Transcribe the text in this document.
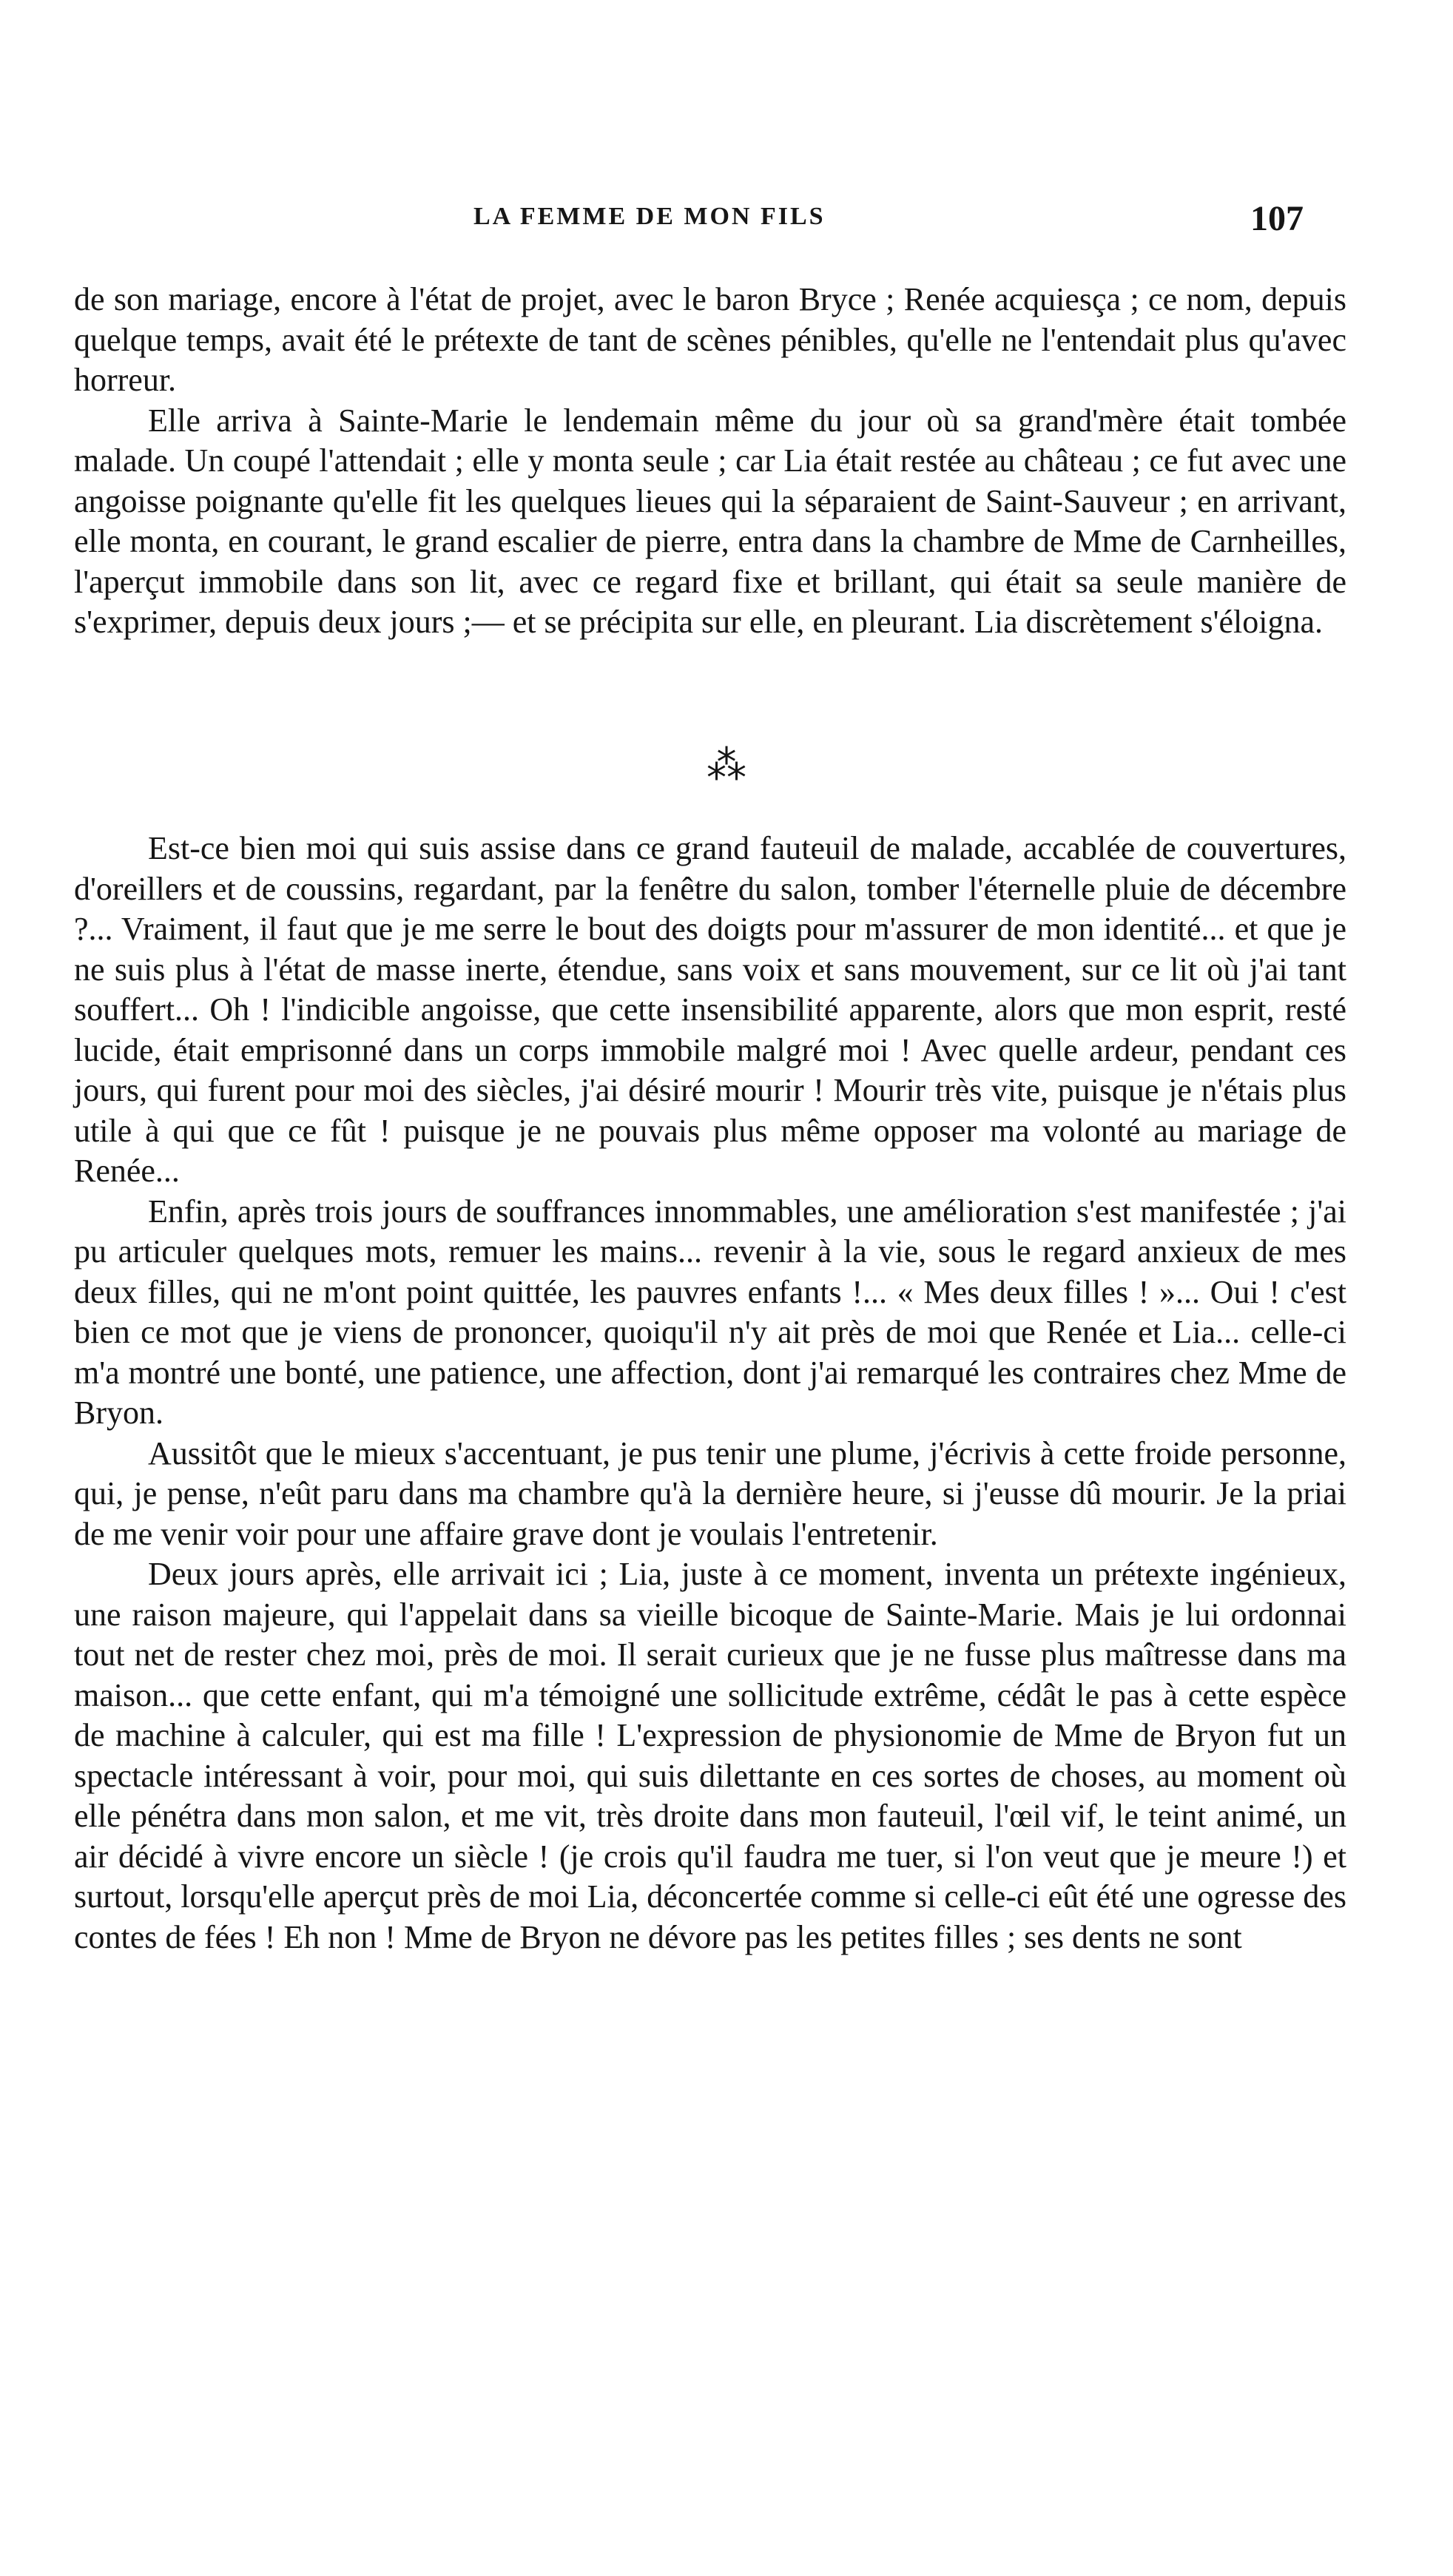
LA FEMME DE MON FILS	107

de son mariage, encore à l'état de projet, avec le baron Bryce ; Renée acquiesça ; ce nom, depuis quelque temps, avait été le prétexte de tant de scènes pénibles, qu'elle ne l'entendait plus qu'avec horreur.

Elle arriva à Sainte-Marie le lendemain même du jour où sa grand'mère était tombée malade. Un coupé l'attendait ; elle y monta seule ; car Lia était restée au château ; ce fut avec une angoisse poignante qu'elle fit les quelques lieues qui la séparaient de Saint-Sauveur ; en arrivant, elle monta, en courant, le grand escalier de pierre, entra dans la chambre de Mme de Carnheilles, l'aperçut immobile dans son lit, avec ce regard fixe et brillant, qui était sa seule manière de s'exprimer, depuis deux jours ;— et se précipita sur elle, en pleurant. Lia discrètement s'éloigna.

⁂

Est-ce bien moi qui suis assise dans ce grand fauteuil de malade, accablée de couvertures, d'oreillers et de coussins, regardant, par la fenêtre du salon, tomber l'éternelle pluie de décembre ?... Vraiment, il faut que je me serre le bout des doigts pour m'assurer de mon identité... et que je ne suis plus à l'état de masse inerte, étendue, sans voix et sans mouvement, sur ce lit où j'ai tant souffert... Oh ! l'indicible angoisse, que cette insensibilité apparente, alors que mon esprit, resté lucide, était emprisonné dans un corps immobile malgré moi ! Avec quelle ardeur, pendant ces jours, qui furent pour moi des siècles, j'ai désiré mourir ! Mourir très vite, puisque je n'étais plus utile à qui que ce fût ! puisque je ne pouvais plus même opposer ma volonté au mariage de Renée...

Enfin, après trois jours de souffrances innommables, une amélioration s'est manifestée ; j'ai pu articuler quelques mots, remuer les mains... revenir à la vie, sous le regard anxieux de mes deux filles, qui ne m'ont point quittée, les pauvres enfants !... « Mes deux filles ! »... Oui ! c'est bien ce mot que je viens de prononcer, quoiqu'il n'y ait près de moi que Renée et Lia... celle-ci m'a montré une bonté, une patience, une affection, dont j'ai remarqué les contraires chez Mme de Bryon.

Aussitôt que le mieux s'accentuant, je pus tenir une plume, j'écrivis à cette froide personne, qui, je pense, n'eût paru dans ma chambre qu'à la dernière heure, si j'eusse dû mourir. Je la priai de me venir voir pour une affaire grave dont je voulais l'entretenir.

Deux jours après, elle arrivait ici ; Lia, juste à ce moment, inventa un prétexte ingénieux, une raison majeure, qui l'appelait dans sa vieille bicoque de Sainte-Marie. Mais je lui ordonnai tout net de rester chez moi, près de moi. Il serait curieux que je ne fusse plus maîtresse dans ma maison... que cette enfant, qui m'a témoigné une sollicitude extrême, cédât le pas à cette espèce de machine à calculer, qui est ma fille ! L'expression de physionomie de Mme de Bryon fut un spectacle intéressant à voir, pour moi, qui suis dilettante en ces sortes de choses, au moment où elle pénétra dans mon salon, et me vit, très droite dans mon fauteuil, l'œil vif, le teint animé, un air décidé à vivre encore un siècle ! (je crois qu'il faudra me tuer, si l'on veut que je meure !) et surtout, lorsqu'elle aperçut près de moi Lia, déconcertée comme si celle-ci eût été une ogresse des contes de fées ! Eh non ! Mme de Bryon ne dévore pas les petites filles ; ses dents ne sont
